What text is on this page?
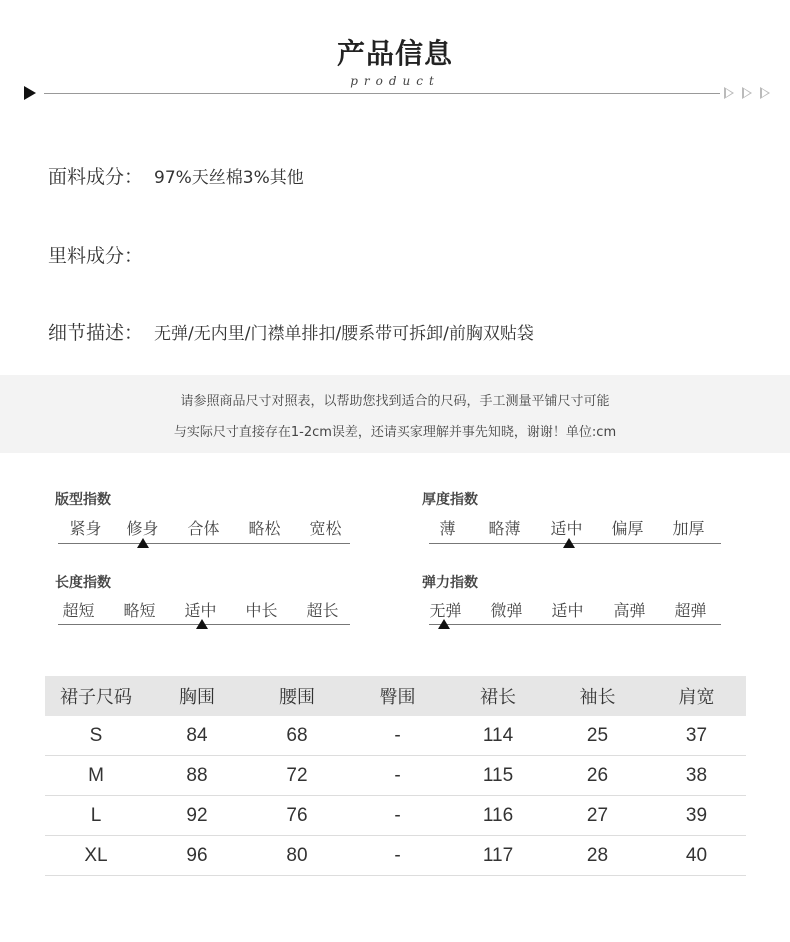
产品信息
product
面料成分： 97%天丝棉3%其他
里料成分：
细节描述： 无弹/无内里/门襟单排扣/腰系带可拆卸/前胸双贴袋
请参照商品尺寸对照表，以帮助您找到适合的尺码，手工测量平铺尺寸可能
与实际尺寸直接存在1-2cm误差，还请买家理解并事先知晓，谢谢！单位:cm
版型指数
紧身	修身	合体	略松	宽松
厚度指数
薄	略薄	适中	偏厚	加厚
长度指数
超短	略短	适中	中长	超长
弹力指数
无弹	微弹	适中	高弹	超弹
裙子尺码	胸围	腰围	臀围	裙长	袖长	肩宽
S	84	68	-	114	25	37
M	88	72	-	115	26	38
L	92	76	-	116	27	39
XL	96	80	-	117	28	40
